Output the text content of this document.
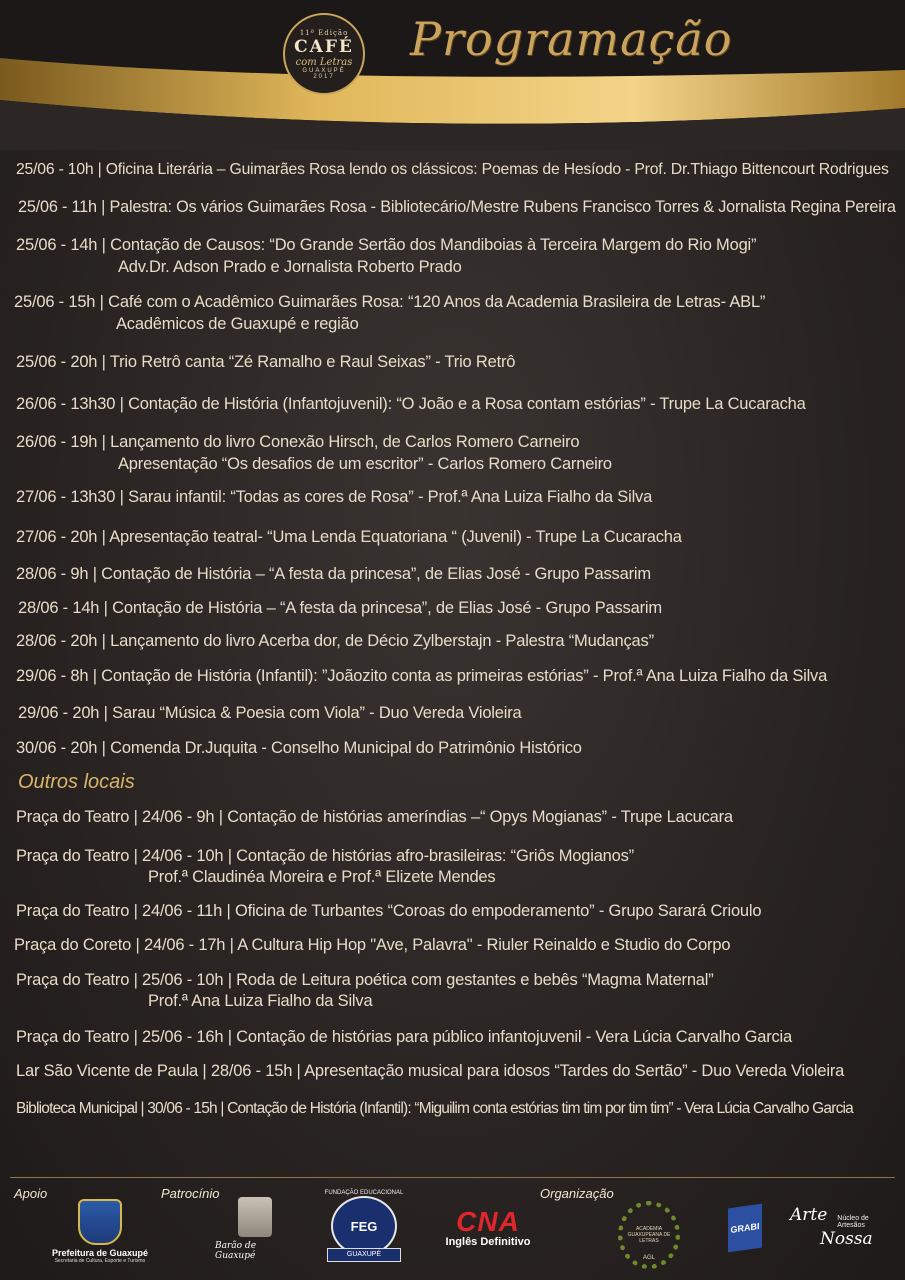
11ª Edição
CAFÉ
com Letras
GUAXUPÉ
2017
Programação
25/06 - 10h | Oficina Literária – Guimarães Rosa lendo os clássicos: Poemas de Hesíodo - Prof. Dr.Thiago Bittencourt Rodrigues
25/06 - 11h | Palestra: Os vários Guimarães Rosa - Bibliotecário/Mestre Rubens Francisco Torres & Jornalista Regina Pereira
25/06 - 14h | Contação de Causos: “Do Grande Sertão dos Mandiboias à Terceira Margem do Rio Mogi”
Adv.Dr. Adson Prado e Jornalista Roberto Prado
25/06 - 15h | Café com o Acadêmico Guimarães Rosa: “120 Anos da Academia Brasileira de Letras- ABL”
Acadêmicos de Guaxupé e região
25/06 - 20h | Trio Retrô canta “Zé Ramalho e Raul Seixas” - Trio Retrô
26/06 - 13h30 | Contação de História (Infantojuvenil): “O João e a Rosa contam estórias” - Trupe La Cucaracha
26/06 - 19h | Lançamento do livro Conexão Hirsch, de Carlos Romero Carneiro
Apresentação “Os desafios de um escritor” - Carlos Romero Carneiro
27/06 - 13h30 | Sarau infantil: “Todas as cores de Rosa” - Prof.ª Ana Luiza Fialho da Silva
27/06 - 20h | Apresentação teatral- “Uma Lenda Equatoriana “ (Juvenil) - Trupe La Cucaracha
28/06 - 9h | Contação de História – “A festa da princesa”, de Elias José - Grupo Passarim
28/06 - 14h | Contação de História – “A festa da princesa”, de Elias José - Grupo Passarim
28/06 - 20h | Lançamento do livro Acerba dor, de Décio Zylberstajn - Palestra “Mudanças”
29/06 - 8h | Contação de História (Infantil): ”Joãozito conta as primeiras estórias” - Prof.ª Ana Luiza Fialho da Silva
29/06 - 20h | Sarau “Música & Poesia com Viola” - Duo Vereda Violeira
30/06 - 20h | Comenda Dr.Juquita - Conselho Municipal do Patrimônio Histórico
Outros locais
Praça do Teatro | 24/06 - 9h | Contação de histórias ameríndias –“ Opys Mogianas” - Trupe Lacucara
Praça do Teatro | 24/06 - 10h | Contação de histórias afro-brasileiras: “Griôs Mogianos”
Prof.ª Claudinéa Moreira e Prof.ª Elizete Mendes
Praça do Teatro | 24/06 - 11h | Oficina de Turbantes “Coroas do empoderamento” - Grupo Sarará Crioulo
Praça do Coreto | 24/06 - 17h | A Cultura Hip Hop "Ave, Palavra" - Riuler Reinaldo e Studio do Corpo
Praça do Teatro | 25/06 - 10h | Roda de Leitura poética com gestantes e bebês “Magma Maternal”
Prof.ª Ana Luiza Fialho da Silva
Praça do Teatro | 25/06 - 16h | Contação de histórias para público infantojuvenil - Vera Lúcia Carvalho Garcia
Lar São Vicente de Paula | 28/06 - 15h | Apresentação musical para idosos “Tardes do Sertão” - Duo Vereda Violeira
Biblioteca Municipal | 30/06 - 15h | Contação de História (Infantil): “Miguilim conta estórias tim tim por tim tim” - Vera Lúcia Carvalho Garcia
Apoio	Patrocínio	Organização
Prefeitura de Guaxupé
Secretaria de Cultura, Esporte e Turismo
Barão de Guaxupé
FUNDAÇÃO EDUCACIONAL
FEG
GUAXUPÉ
CNA
Inglês Definitivo
ACADEMIA GUAXUPEANA DE LETRAS
AGL
GRABI
Arte Núcleo de Artesãos
Nossa
